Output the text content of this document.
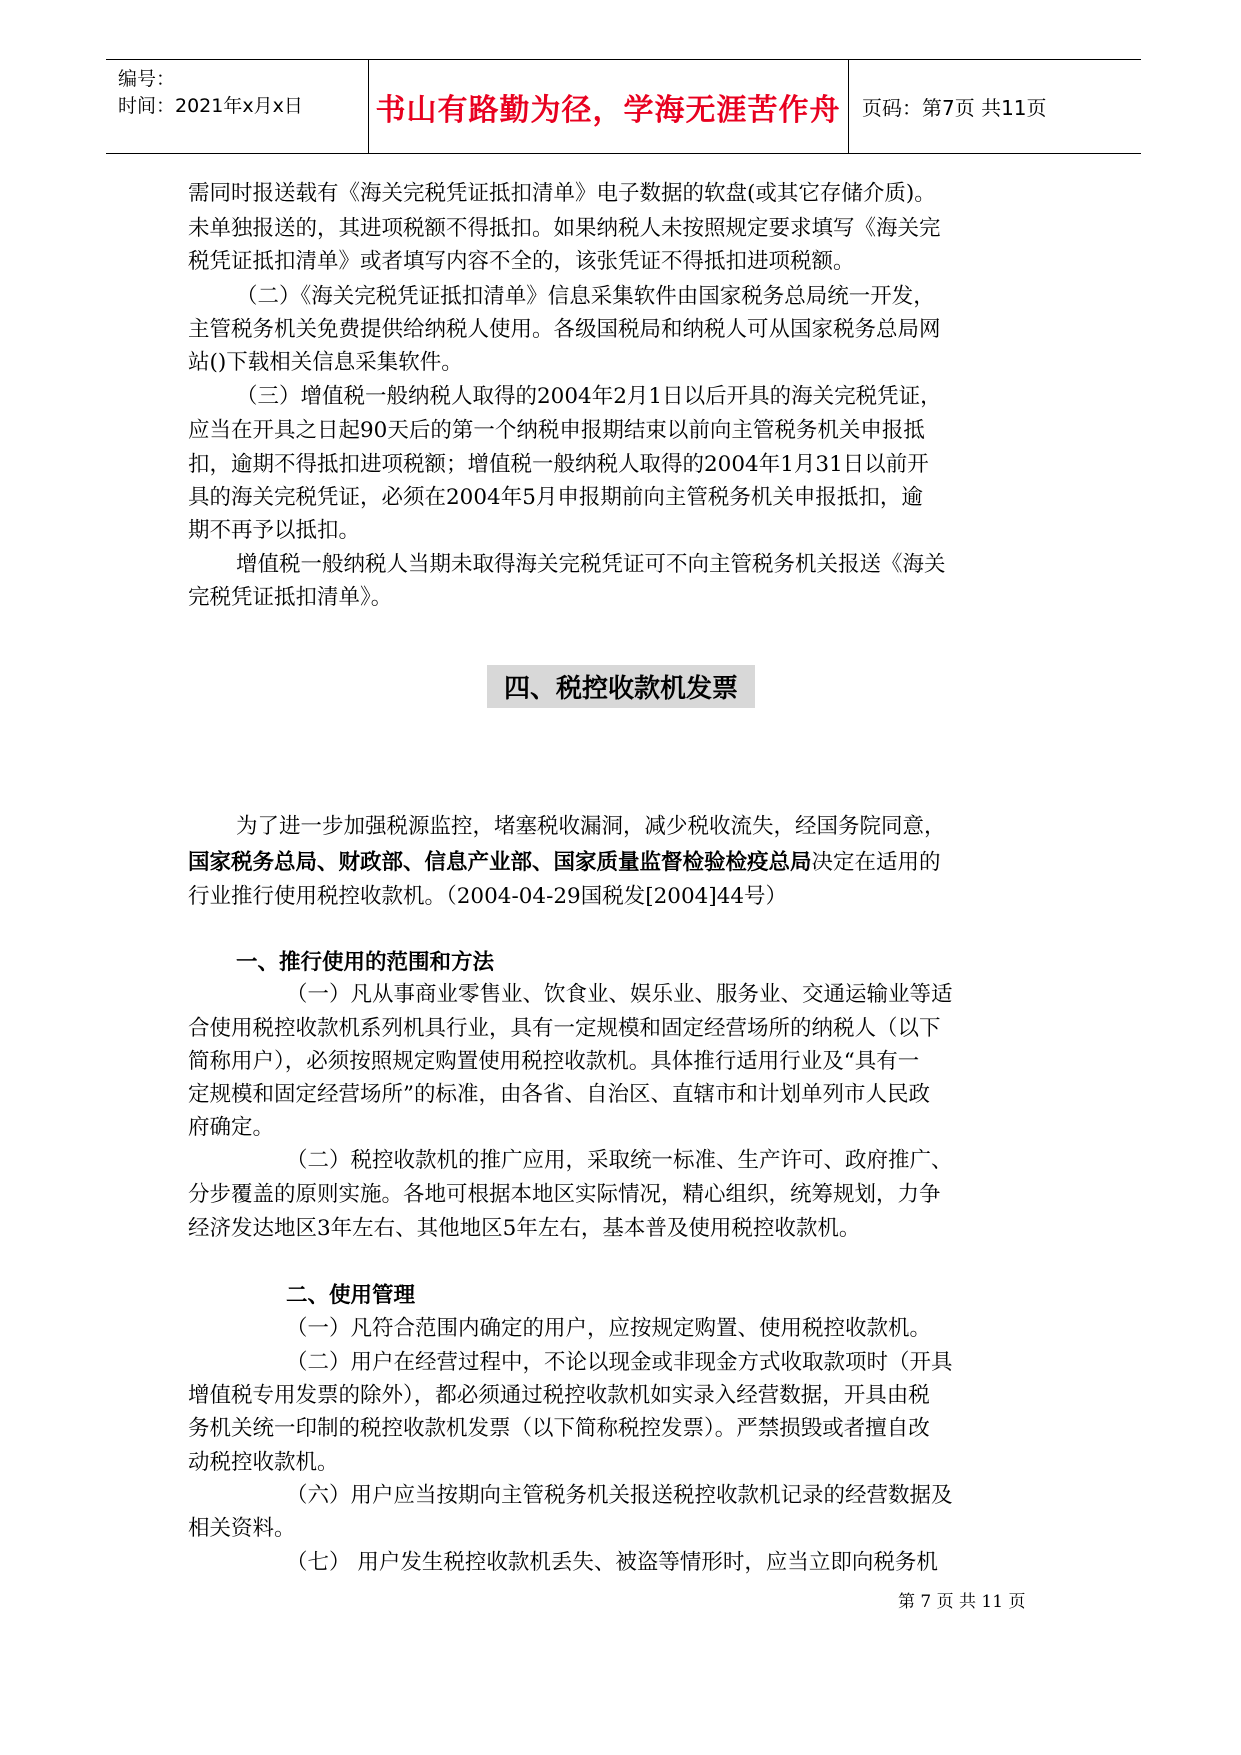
编号：
时间：2021年x月x日 书山有路勤为径，学海无涯苦作舟	页码：第7页 共11页
需同时报送载有《海关完税凭证抵扣清单》电子数据的软盘(或其它存储介质)。
未单独报送的，其进项税额不得抵扣。如果纳税人未按照规定要求填写《海关完
税凭证抵扣清单》或者填写内容不全的，该张凭证不得抵扣进项税额。
（二）《海关完税凭证抵扣清单》信息采集软件由国家税务总局统一开发，
主管税务机关免费提供给纳税人使用。各级国税局和纳税人可从国家税务总局网
站()下载相关信息采集软件。
（三）增值税一般纳税人取得的2004年2月1日以后开具的海关完税凭证，
应当在开具之日起90天后的第一个纳税申报期结束以前向主管税务机关申报抵
扣，逾期不得抵扣进项税额；增值税一般纳税人取得的2004年1月31日以前开
具的海关完税凭证，必须在2004年5月申报期前向主管税务机关申报抵扣，逾
期不再予以抵扣。
增值税一般纳税人当期未取得海关完税凭证可不向主管税务机关报送《海关
完税凭证抵扣清单》。
四、税控收款机发票
为了进一步加强税源监控，堵塞税收漏洞，减少税收流失，经国务院同意，
国家税务总局、财政部、信息产业部、国家质量监督检验检疫总局决定在适用的
行业推行使用税控收款机。（2004-04-29国税发[2004]44号）
一、推行使用的范围和方法
（一）凡从事商业零售业、饮食业、娱乐业、服务业、交通运输业等适
合使用税控收款机系列机具行业，具有一定规模和固定经营场所的纳税人（以下
简称用户），必须按照规定购置使用税控收款机。具体推行适用行业及“具有一
定规模和固定经营场所”的标准，由各省、自治区、直辖市和计划单列市人民政
府确定。
（二）税控收款机的推广应用，采取统一标准、生产许可、政府推广、
分步覆盖的原则实施。各地可根据本地区实际情况，精心组织，统筹规划，力争
经济发达地区3年左右、其他地区5年左右，基本普及使用税控收款机。
二、使用管理
（一）凡符合范围内确定的用户，应按规定购置、使用税控收款机。
（二）用户在经营过程中，不论以现金或非现金方式收取款项时（开具
增值税专用发票的除外），都必须通过税控收款机如实录入经营数据，开具由税
务机关统一印制的税控收款机发票（以下简称税控发票）。严禁损毁或者擅自改
动税控收款机。
（六）用户应当按期向主管税务机关报送税控收款机记录的经营数据及
相关资料。
（七） 用户发生税控收款机丢失、被盗等情形时，应当立即向税务机
第 7 页 共 11 页
